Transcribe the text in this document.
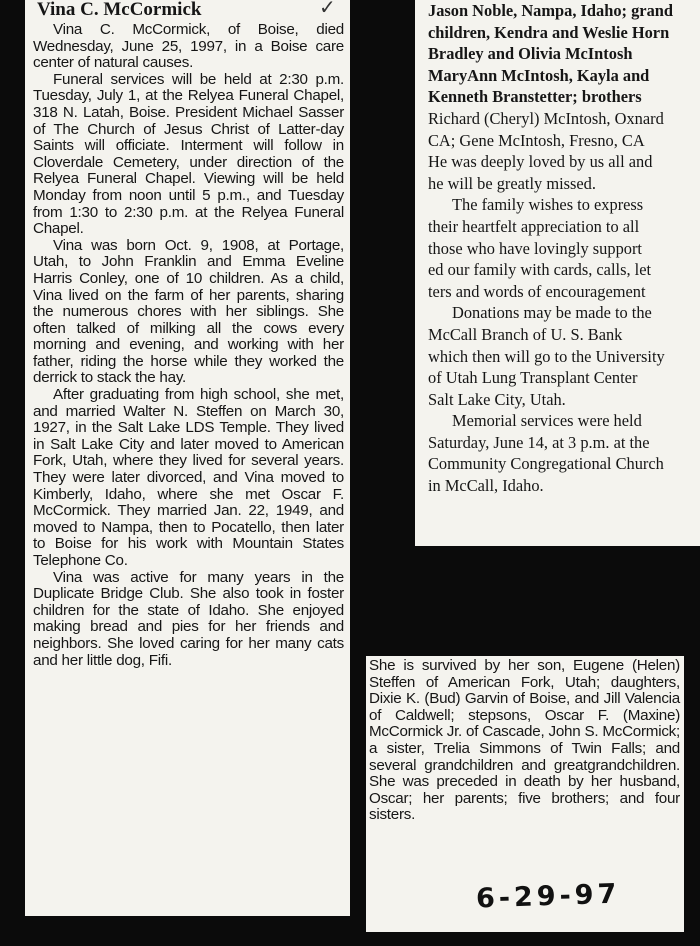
Vina C. McCormick	✓

Vina C. McCormick, of Boise, died Wednesday, June 25, 1997, in a Boise care center of natural causes.

Funeral services will be held at 2:30 p.m. Tuesday, July 1, at the Relyea Funeral Chapel, 318 N. Latah, Boise. President Michael Sasser of The Church of Jesus Christ of Latter-day Saints will officiate. Interment will follow in Cloverdale Cemetery, under direction of the Relyea Funeral Chapel. Viewing will be held Monday from noon until 5 p.m., and Tuesday from 1:30 to 2:30 p.m. at the Relyea Funeral Chapel.

Vina was born Oct. 9, 1908, at Portage, Utah, to John Franklin and Emma Eveline Harris Conley, one of 10 children. As a child, Vina lived on the farm of her parents, sharing the numerous chores with her siblings. She often talked of milking all the cows every morning and evening, and working with her father, riding the horse while they worked the derrick to stack the hay.

After graduating from high school, she met, and married Walter N. Steffen on March 30, 1927, in the Salt Lake LDS Temple. They lived in Salt Lake City and later moved to American Fork, Utah, where they lived for several years. They were later divorced, and Vina moved to Kimberly, Idaho, where she met Oscar F. McCormick. They married Jan. 22, 1949, and moved to Nampa, then to Pocatello, then later to Boise for his work with Mountain States Telephone Co.

Vina was active for many years in the Duplicate Bridge Club. She also took in foster children for the state of Idaho. She enjoyed making bread and pies for her friends and neighbors. She loved caring for her many cats and her little dog, Fifi.

Jason Noble, Nampa, Idaho; grand

children, Kendra and Weslie Horn

Bradley and Olivia McIntosh

MaryAnn McIntosh, Kayla and

Kenneth Branstetter; brothers

Richard (Cheryl) McIntosh, Oxnard

CA; Gene McIntosh, Fresno, CA

He was deeply loved by us all and

he will be greatly missed.

The family wishes to express

their heartfelt appreciation to all

those who have lovingly support

ed our family with cards, calls, let

ters and words of encouragement

Donations may be made to the

McCall Branch of U. S. Bank

which then will go to the University

of Utah Lung Transplant Center

Salt Lake City, Utah.

Memorial services were held

Saturday, June 14, at 3 p.m. at the

Community Congregational Church

in McCall, Idaho.

She is survived by her son, Eugene (Helen) Steffen of American Fork, Utah; daughters, Dixie K. (Bud) Garvin of Boise, and Jill Valencia of Caldwell; stepsons, Oscar F. (Maxine) McCormick Jr. of Cascade, John S. McCormick; a sister, Trelia Simmons of Twin Falls; and several grandchildren and greatgrandchildren. She was preceded in death by her husband, Oscar; her parents; five brothers; and four sisters.

6-29-97
